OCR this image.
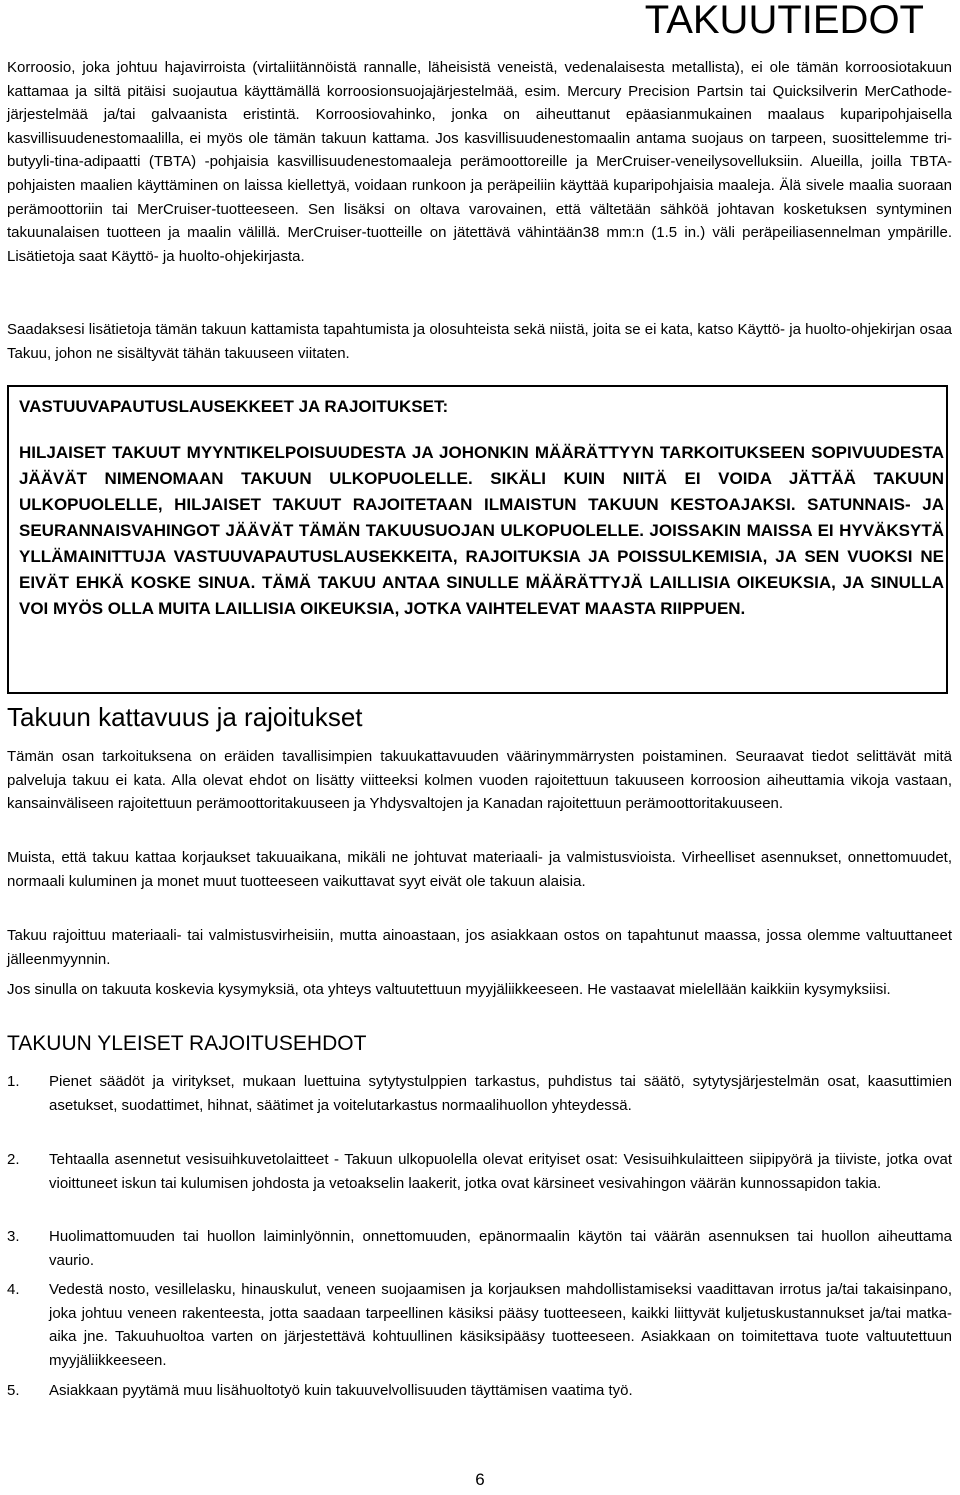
TAKUUTIEDOT

Korroosio, joka johtuu hajavirroista (virtaliitännöistä rannalle, läheisistä veneistä, vedenalaisesta metallista), ei ole tämän korroosiotakuun kattamaa ja siltä pitäisi suojautua käyttämällä korroosionsuojajärjestelmää, esim. Mercury Precision Partsin tai Quicksilverin MerCathode-järjestelmää ja/tai galvaanista eristintä. Korroosiovahinko, jonka on aiheuttanut epäasianmukainen maalaus kuparipohjaisella kasvillisuudenestomaalilla, ei myös ole tämän takuun kattama. Jos kasvillisuudenestomaalin antama suojaus on tarpeen, suosittelemme tri-butyyli-tina-adipaatti (TBTA) -pohjaisia kasvillisuudenestomaaleja perämoottoreille ja MerCruiser-veneilysovelluksiin. Alueilla, joilla TBTA-pohjaisten maalien käyttäminen on laissa kiellettyä, voidaan runkoon ja peräpeiliin käyttää kuparipohjaisia maaleja. Älä sivele maalia suoraan perämoottoriin tai MerCruiser-tuotteeseen. Sen lisäksi on oltava varovainen, että vältetään sähköä johtavan kosketuksen syntyminen takuunalaisen tuotteen ja maalin välillä. MerCruiser-tuotteille on jätettävä vähintään38 mm:n (1.5 in.) väli peräpeiliasennelman ympärille. Lisätietoja saat Käyttö- ja huolto-ohjekirjasta.

Saadaksesi lisätietoja tämän takuun kattamista tapahtumista ja olosuhteista sekä niistä, joita se ei kata, katso Käyttö- ja huolto-ohjekirjan osaa Takuu, johon ne sisältyvät tähän takuuseen viitaten.

VASTUUVAPAUTUSLAUSEKKEET JA RAJOITUKSET:

HILJAISET TAKUUT MYYNTIKELPOISUUDESTA JA JOHONKIN MÄÄRÄTTYYN TARKOITUKSEEN SOPIVUUDESTA JÄÄVÄT NIMENOMAAN TAKUUN ULKOPUOLELLE. SIKÄLI KUIN NIITÄ EI VOIDA JÄTTÄÄ TAKUUN ULKOPUOLELLE, HILJAISET TAKUUT RAJOITETAAN ILMAISTUN TAKUUN KESTOAJAKSI. SATUNNAIS- JA SEURANNAISVAHINGOT JÄÄVÄT TÄMÄN TAKUUSUOJAN ULKOPUOLELLE. JOISSAKIN MAISSA EI HYVÄKSYTÄ YLLÄMAINITTUJA VASTUUVAPAUTUSLAUSEKKEITA, RAJOITUKSIA JA POISSULKEMISIA, JA SEN VUOKSI NE EIVÄT EHKÄ KOSKE SINUA. TÄMÄ TAKUU ANTAA SINULLE MÄÄRÄTTYJÄ LAILLISIA OIKEUKSIA, JA SINULLA VOI MYÖS OLLA MUITA LAILLISIA OIKEUKSIA, JOTKA VAIHTELEVAT MAASTA RIIPPUEN.

Takuun kattavuus ja rajoitukset

Tämän osan tarkoituksena on eräiden tavallisimpien takuukattavuuden väärinymmärrysten poistaminen. Seuraavat tiedot selittävät mitä palveluja takuu ei kata. Alla olevat ehdot on lisätty viitteeksi kolmen vuoden rajoitettuun takuuseen korroosion aiheuttamia vikoja vastaan, kansainväliseen rajoitettuun perämoottoritakuuseen ja Yhdysvaltojen ja Kanadan rajoitettuun perämoottoritakuuseen.

Muista, että takuu kattaa korjaukset takuuaikana, mikäli ne johtuvat materiaali- ja valmistusvioista. Virheelliset asennukset, onnettomuudet, normaali kuluminen ja monet muut tuotteeseen vaikuttavat syyt eivät ole takuun alaisia.

Takuu rajoittuu materiaali- tai valmistusvirheisiin, mutta ainoastaan, jos asiakkaan ostos on tapahtunut maassa, jossa olemme valtuuttaneet jälleenmyynnin.

Jos sinulla on takuuta koskevia kysymyksiä, ota yhteys valtuutettuun myyjäliikkeeseen. He vastaavat mielellään kaikkiin kysymyksiisi.

TAKUUN YLEISET RAJOITUSEHDOT
1. Pienet säädöt ja viritykset, mukaan luettuina sytytystulppien tarkastus, puhdistus tai säätö, sytytysjärjestelmän osat, kaasuttimien asetukset, suodattimet, hihnat, säätimet ja voitelutarkastus normaalihuollon yhteydessä.
2. Tehtaalla asennetut vesisuihkuvetolaitteet - Takuun ulkopuolella olevat erityiset osat: Vesisuihkulaitteen siipipyörä ja tiiviste, jotka ovat vioittuneet iskun tai kulumisen johdosta ja vetoakselin laakerit, jotka ovat kärsineet vesivahingon väärän kunnossapidon takia.
3. Huolimattomuuden tai huollon laiminlyönnin, onnettomuuden, epänormaalin käytön tai väärän asennuksen tai huollon aiheuttama vaurio.
4. Vedestä nosto, vesillelasku, hinauskulut, veneen suojaamisen ja korjauksen mahdollistamiseksi vaadittavan irrotus ja/tai takaisinpano, joka johtuu veneen rakenteesta, jotta saadaan tarpeellinen käsiksi pääsy tuotteeseen, kaikki liittyvät kuljetuskustannukset ja/tai matka-aika jne. Takuuhuoltoa varten on järjestettävä kohtuullinen käsiksipääsy tuotteeseen. Asiakkaan on toimitettava tuote valtuutettuun myyjäliikkeeseen.
5. Asiakkaan pyytämä muu lisähuoltotyö kuin takuuvelvollisuuden täyttämisen vaatima työ.

6
